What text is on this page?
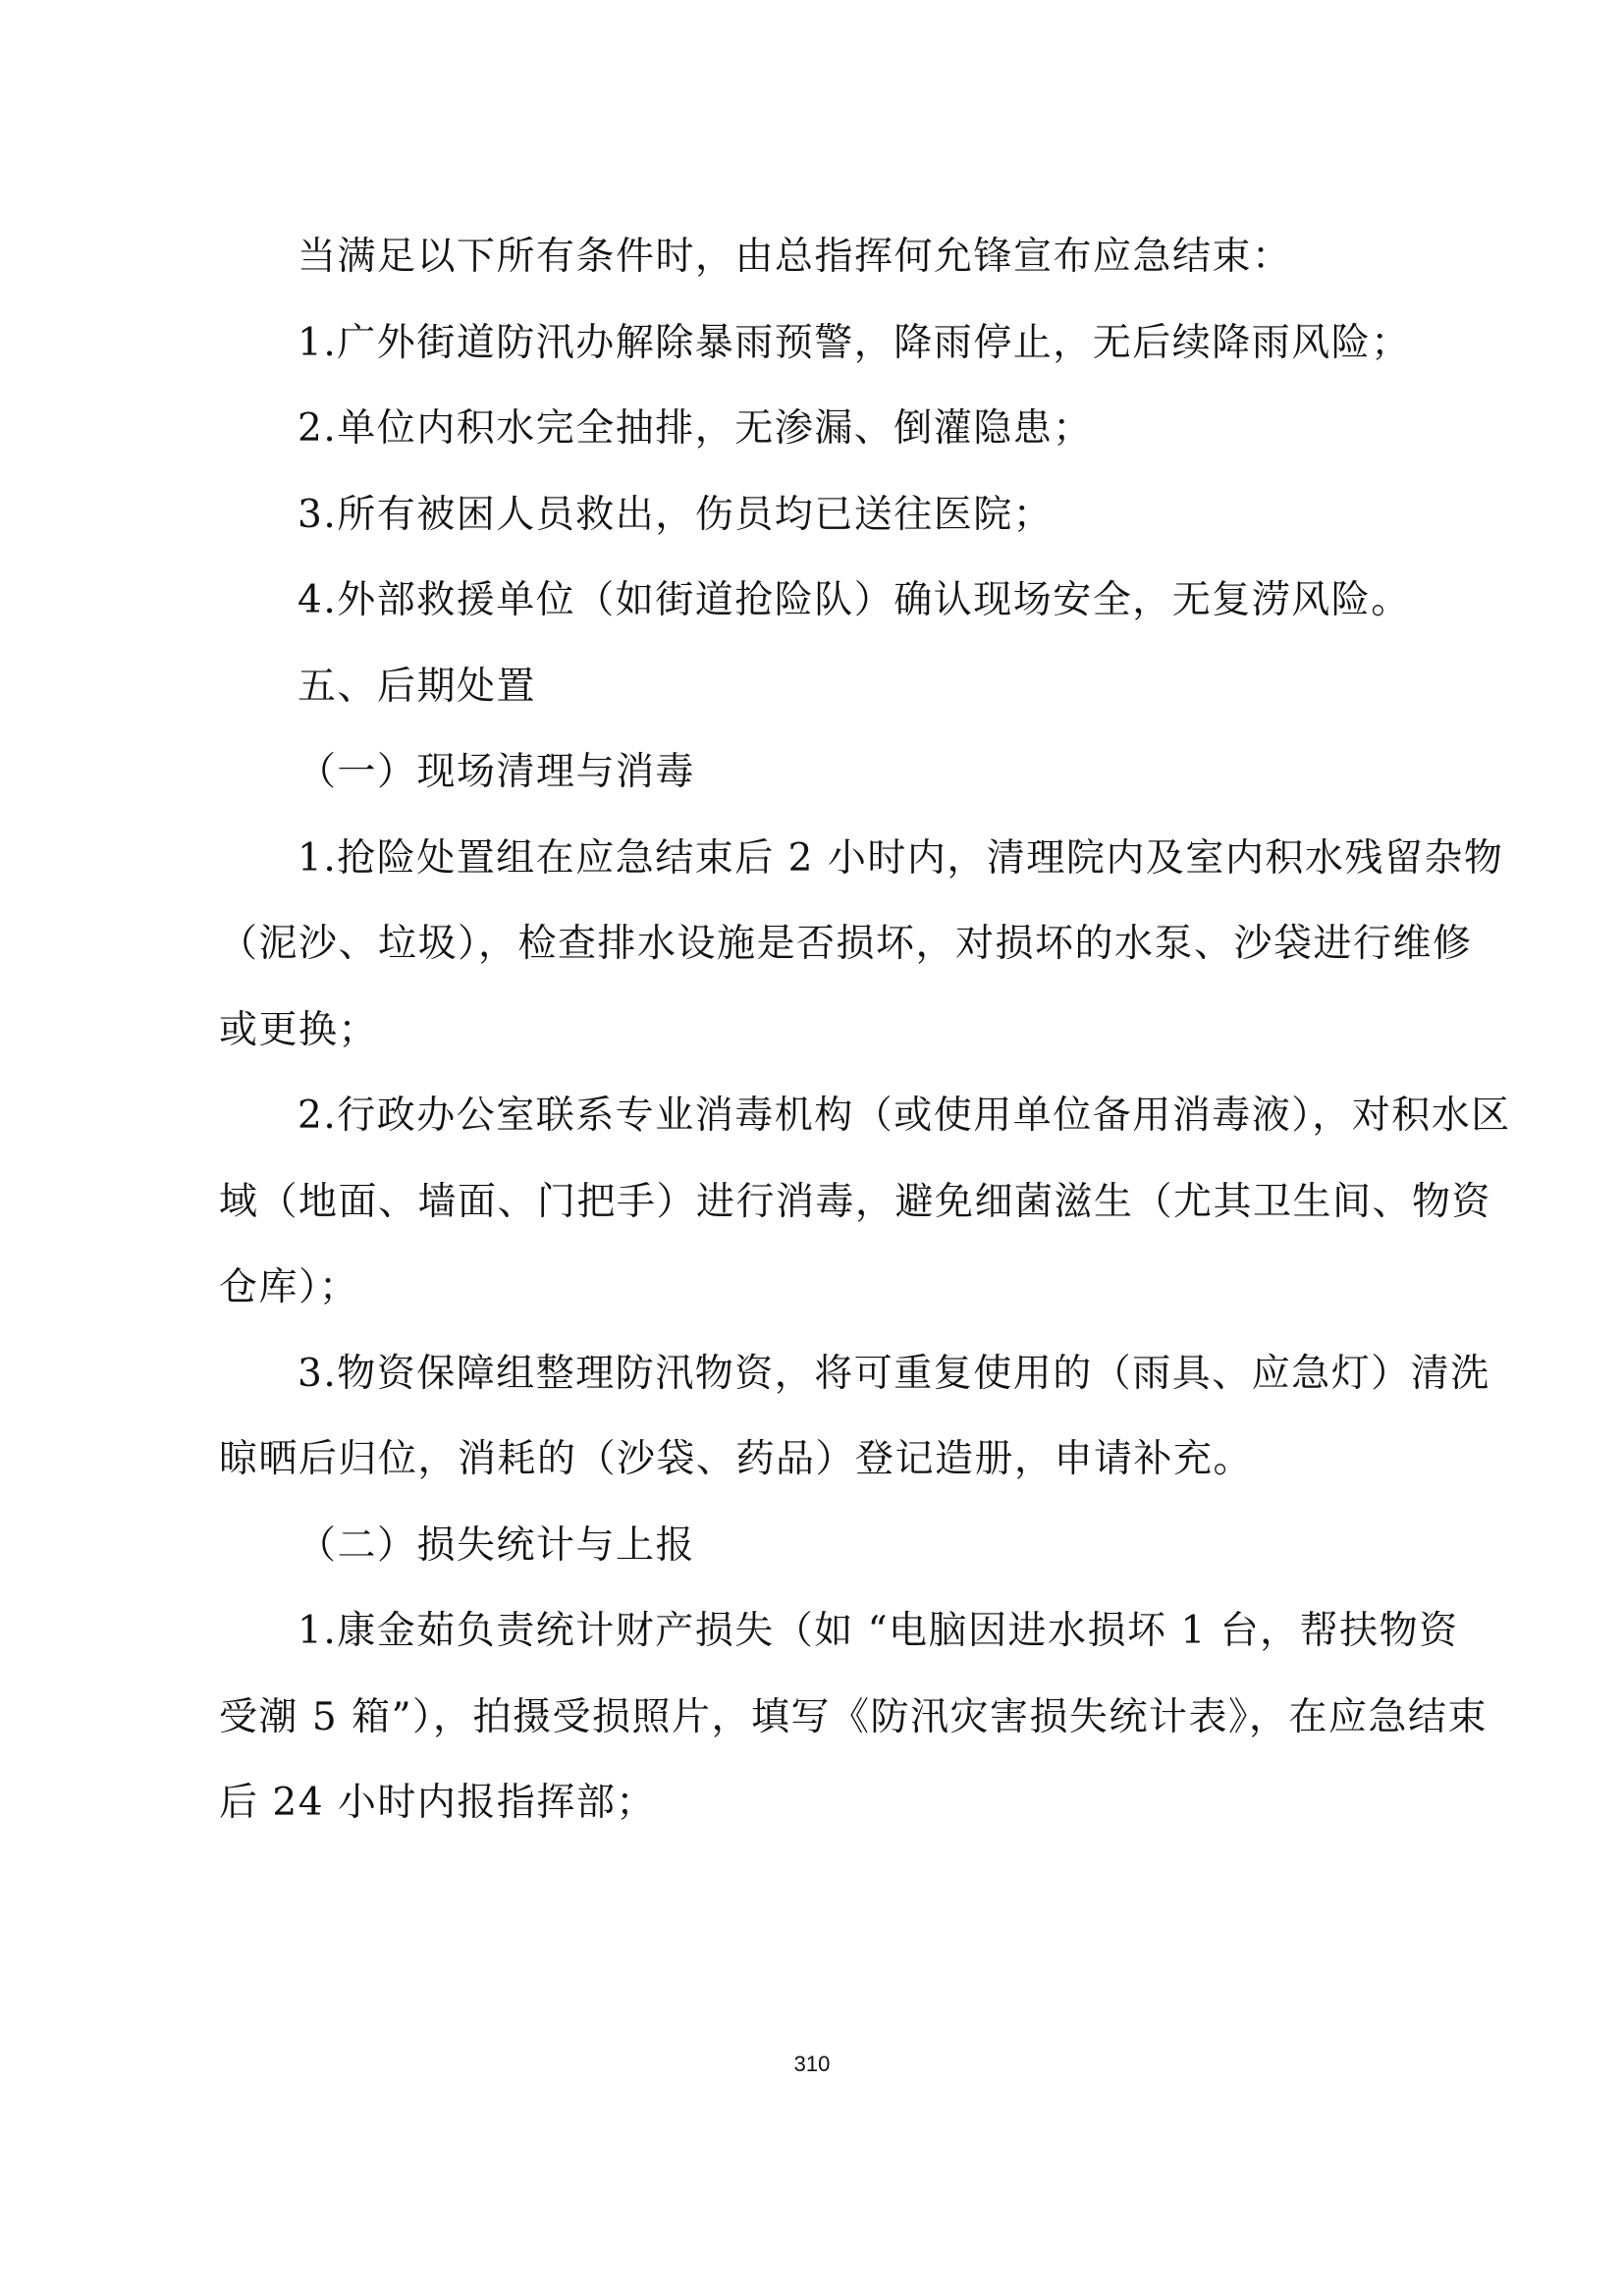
当满足以下所有条件时，由总指挥何允锋宣布应急结束：
1.广外街道防汛办解除暴雨预警，降雨停止，无后续降雨风险；
2.单位内积水完全抽排，无渗漏、倒灌隐患；
3.所有被困人员救出，伤员均已送往医院；
4.外部救援单位（如街道抢险队）确认现场安全，无复涝风险。
五、后期处置
（一）现场清理与消毒
1.抢险处置组在应急结束后 2 小时内，清理院内及室内积水残留杂物
（泥沙、垃圾），检查排水设施是否损坏，对损坏的水泵、沙袋进行维修
或更换；
2.行政办公室联系专业消毒机构（或使用单位备用消毒液），对积水区
域（地面、墙面、门把手）进行消毒，避免细菌滋生（尤其卫生间、物资
仓库）；
3.物资保障组整理防汛物资，将可重复使用的（雨具、应急灯）清洗
晾晒后归位，消耗的（沙袋、药品）登记造册，申请补充。
（二）损失统计与上报
1.康金茹负责统计财产损失（如 “电脑因进水损坏 1 台，帮扶物资
受潮 5 箱”），拍摄受损照片，填写《防汛灾害损失统计表》，在应急结束
后 24 小时内报指挥部；
310
